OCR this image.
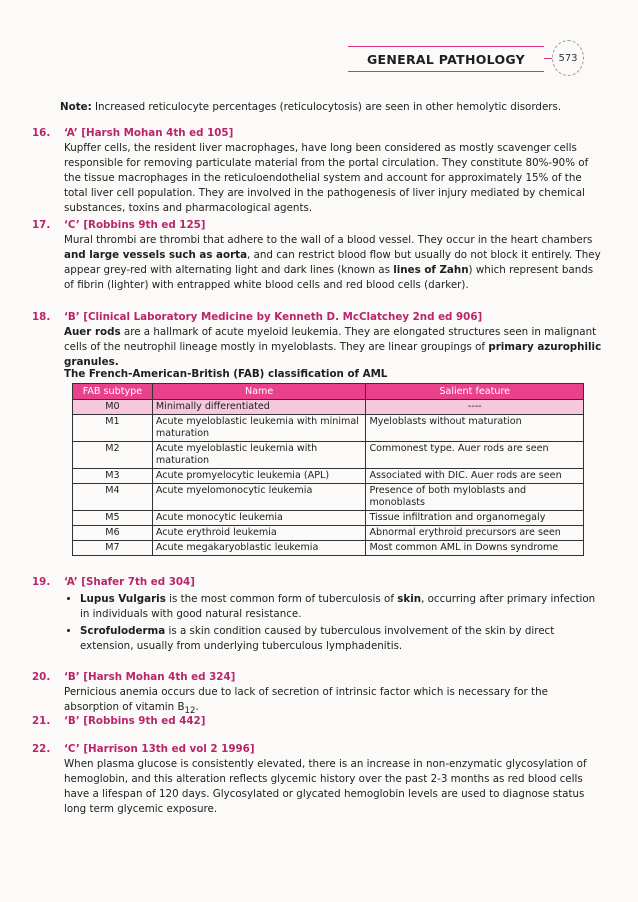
GENERAL PATHOLOGY	573
Note: Increased reticulocyte percentages (reticulocytosis) are seen in other hemolytic disorders.
16. ‘A’ [Harsh Mohan 4th ed 105]
Kupffer cells, the resident liver macrophages, have long been considered as mostly scavenger cells responsible for removing particulate material from the portal circulation. They constitute 80%-90% of the tissue macrophages in the reticuloendothelial system and account for approximately 15% of the total liver cell population. They are involved in the pathogenesis of liver injury mediated by chemical substances, toxins and pharmacological agents.
17. ‘C’ [Robbins 9th ed 125]
Mural thrombi are thrombi that adhere to the wall of a blood vessel. They occur in the heart chambers and large vessels such as aorta, and can restrict blood flow but usually do not block it entirely. They appear grey-red with alternating light and dark lines (known as lines of Zahn) which represent bands of fibrin (lighter) with entrapped white blood cells and red blood cells (darker).
18. ‘B’ [Clinical Laboratory Medicine by Kenneth D. McClatchey 2nd ed 906]
Auer rods are a hallmark of acute myeloid leukemia. They are elongated structures seen in malignant cells of the neutrophil lineage mostly in myeloblasts. They are linear groupings of primary azurophilic granules.
The French-American-British (FAB) classification of AML
FAB subtype	Name	Salient feature
M0	Minimally differentiated	----
M1	Acute myeloblastic leukemia with minimal maturation	Myeloblasts without maturation
M2	Acute myeloblastic leukemia with maturation	Commonest type. Auer rods are seen
M3	Acute promyelocytic leukemia (APL)	Associated with DIC. Auer rods are seen
M4	Acute myelomonocytic leukemia	Presence of both myloblasts and monoblasts
M5	Acute monocytic leukemia	Tissue infiltration and organomegaly
M6	Acute erythroid leukemia	Abnormal erythroid precursors are seen
M7	Acute megakaryoblastic leukemia	Most common AML in Downs syndrome
19. ‘A’ [Shafer 7th ed 304]
• Lupus Vulgaris is the most common form of tuberculosis of skin, occurring after primary infection in individuals with good natural resistance.
• Scrofuloderma is a skin condition caused by tuberculous involvement of the skin by direct extension, usually from underlying tuberculous lymphadenitis.
20. ‘B’ [Harsh Mohan 4th ed 324]
Pernicious anemia occurs due to lack of secretion of intrinsic factor which is necessary for the absorption of vitamin $B_{12}$.
21. ‘B’ [Robbins 9th ed 442]
22. ‘C’ [Harrison 13th ed vol 2 1996]
When plasma glucose is consistently elevated, there is an increase in non-enzymatic glycosylation of hemoglobin, and this alteration reflects glycemic history over the past 2-3 months as red blood cells have a lifespan of 120 days. Glycosylated or glycated hemoglobin levels are used to diagnose status long term glycemic exposure.
